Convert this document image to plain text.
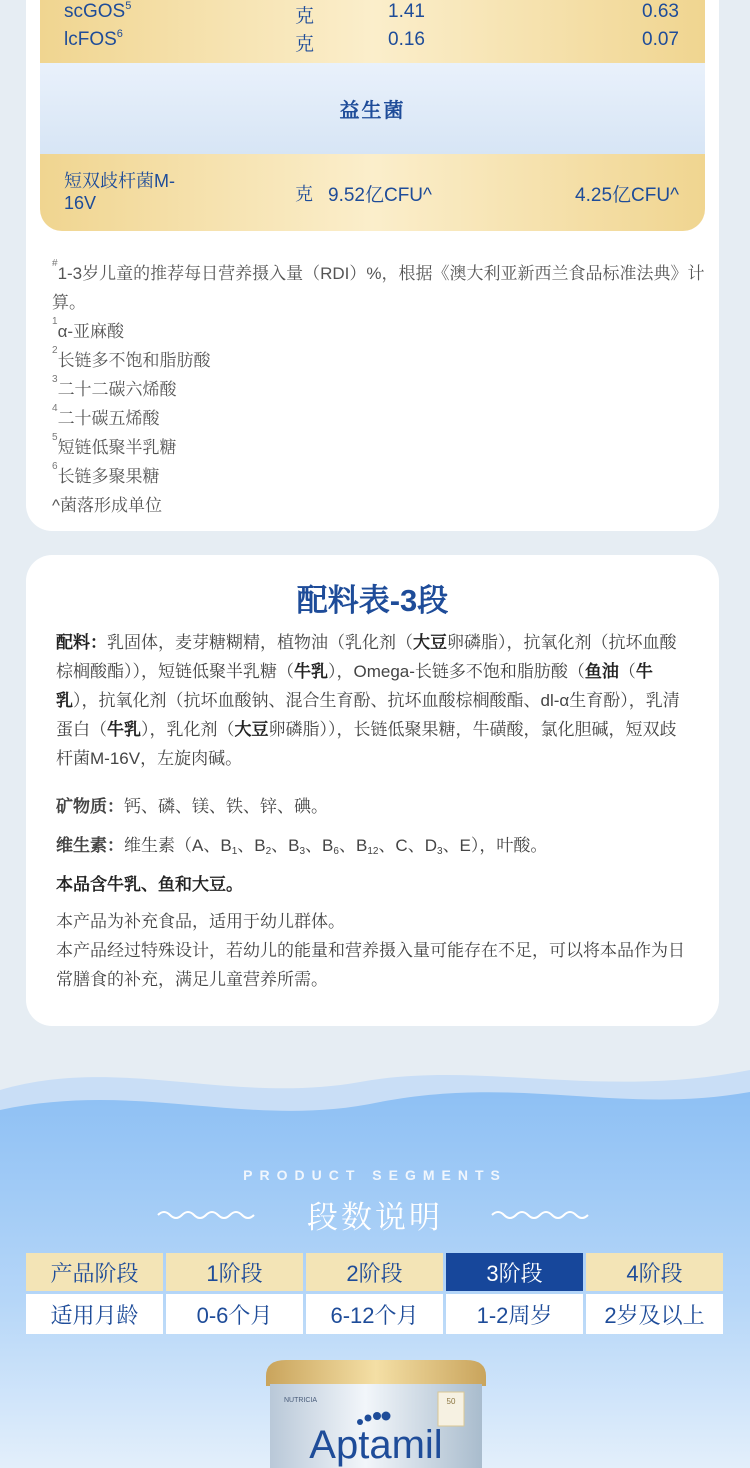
scGOS$^5$	克	1.41	0.63
lcFOS$^6$	克	0.16	0.07
益生菌
短双歧杆菌M-16V	克 9.52亿CFU^	4.25亿CFU^
#1-3岁儿童的推荐每日营养摄入量（RDI）%，根据《澳大利亚新西兰食品标准法典》计算。
$^1$α-亚麻酸
$^2$长链多不饱和脂肪酸
$^3$二十二碳六烯酸
$^4$二十碳五烯酸
$^5$短链低聚半乳糖
$^6$长链多聚果糖
^菌落形成单位
配料表-3段
配料：乳固体，麦芽糖糊精，植物油（乳化剂（大豆卵磷脂），抗氧化剂（抗坏血酸棕榈酸酯）），短链低聚半乳糖（牛乳），Omega-长链多不饱和脂肪酸（鱼油（牛乳），抗氧化剂（抗坏血酸钠、混合生育酚、抗坏血酸棕榈酸酯、dl-α生育酚），乳清蛋白（牛乳），乳化剂（大豆卵磷脂）），长链低聚果糖，牛磺酸，氯化胆碱，短双歧杆菌M-16V，左旋肉碱。
矿物质：钙、磷、镁、铁、锌、碘。
维生素：维生素（A、$B_1$、$B_2$、$B_3$、$B_6$、$B_{12}$、C、$D_3$、E），叶酸。
本品含牛乳、鱼和大豆。
本产品为补充食品，适用于幼儿群体。
本产品经过特殊设计，若幼儿的能量和营养摄入量可能存在不足，可以将本品作为日常膳食的补充，满足儿童营养所需。
PRODUCT SEGMENTS
段数说明
产品阶段	1阶段	2阶段	3阶段	4阶段
适用月龄	0-6个月	6-12个月	1-2周岁	2岁及以上
NUTRICIA	50
Aptamil
